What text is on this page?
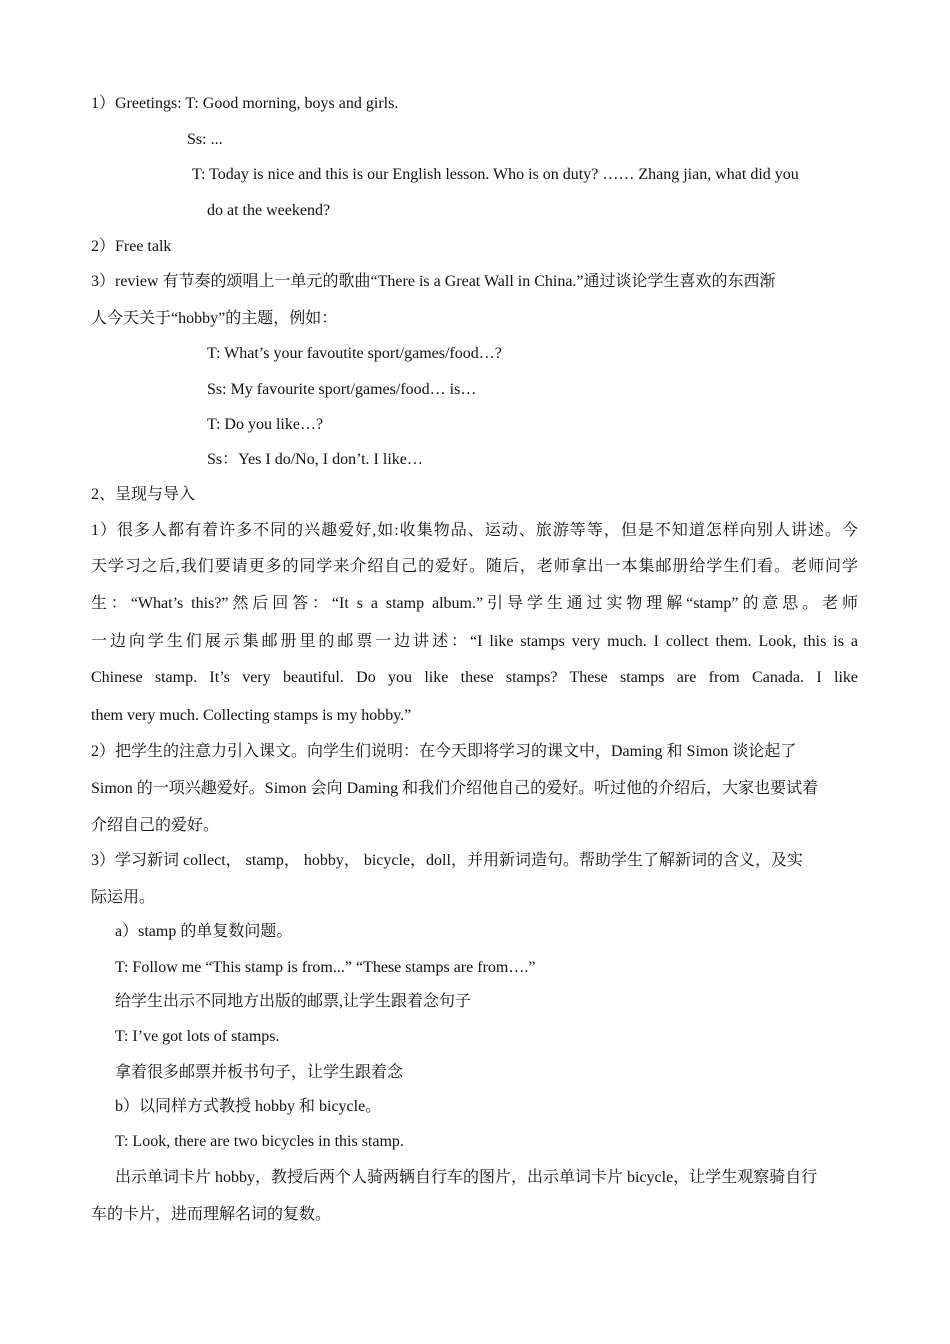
1）Greetings: T: Good morning, boys and girls.
Ss: ...
T: Today is nice and this is our English lesson. Who is on duty? …… Zhang jian, what did you
do at the weekend?
2）Free talk
3）review 有节奏的颂唱上一单元的歌曲“There is a Great Wall in China.”通过谈论学生喜欢的东西渐
人今天关于“hobby”的主题，例如：
T: What’s your favoutite sport/games/food…?
Ss: My favourite sport/games/food… is…
T: Do you like…?
Ss：Yes I do/No, I don’t. I like…
2、呈现与导入
1）很多人都有着许多不同的兴趣爱好,如:收集物品、运动、旅游等等，但是不知道怎样向别人讲述。今
天学习之后,我们要请更多的同学来介绍自己的爱好。随后，老师拿出一本集邮册给学生们看。老师问学
生：“What’s this?”然后回答：“It s a stamp album.”引导学生通过实物理解“stamp”的意思。老师
一边向学生们展示集邮册里的邮票一边讲述：“I like stamps very much. I collect them. Look, this is a
Chinese stamp. It’s very beautiful. Do you like these stamps? These stamps are from Canada. I like
them very much. Collecting stamps is my hobby.”
2）把学生的注意力引入课文。向学生们说明：在今天即将学习的课文中，Daming 和 Simon 谈论起了
Simon 的一项兴趣爱好。Simon 会向 Daming 和我们介绍他自己的爱好。听过他的介绍后，大家也要试着
介绍自己的爱好。
3）学习新词 collect， stamp， hobby， bicycle，doll，并用新词造句。帮助学生了解新词的含义，及实
际运用。
a）stamp 的单复数问题。
T: Follow me “This stamp is from...” “These stamps are from….”
给学生出示不同地方出版的邮票,让学生跟着念句子
T: I’ve got lots of stamps.
拿着很多邮票并板书句子，让学生跟着念
b）以同样方式教授 hobby 和 bicycle。
T: Look, there are two bicycles in this stamp.
出示单词卡片 hobby，教授后两个人骑两辆自行车的图片，出示单词卡片 bicycle，让学生观察骑自行
车的卡片，进而理解名词的复数。
